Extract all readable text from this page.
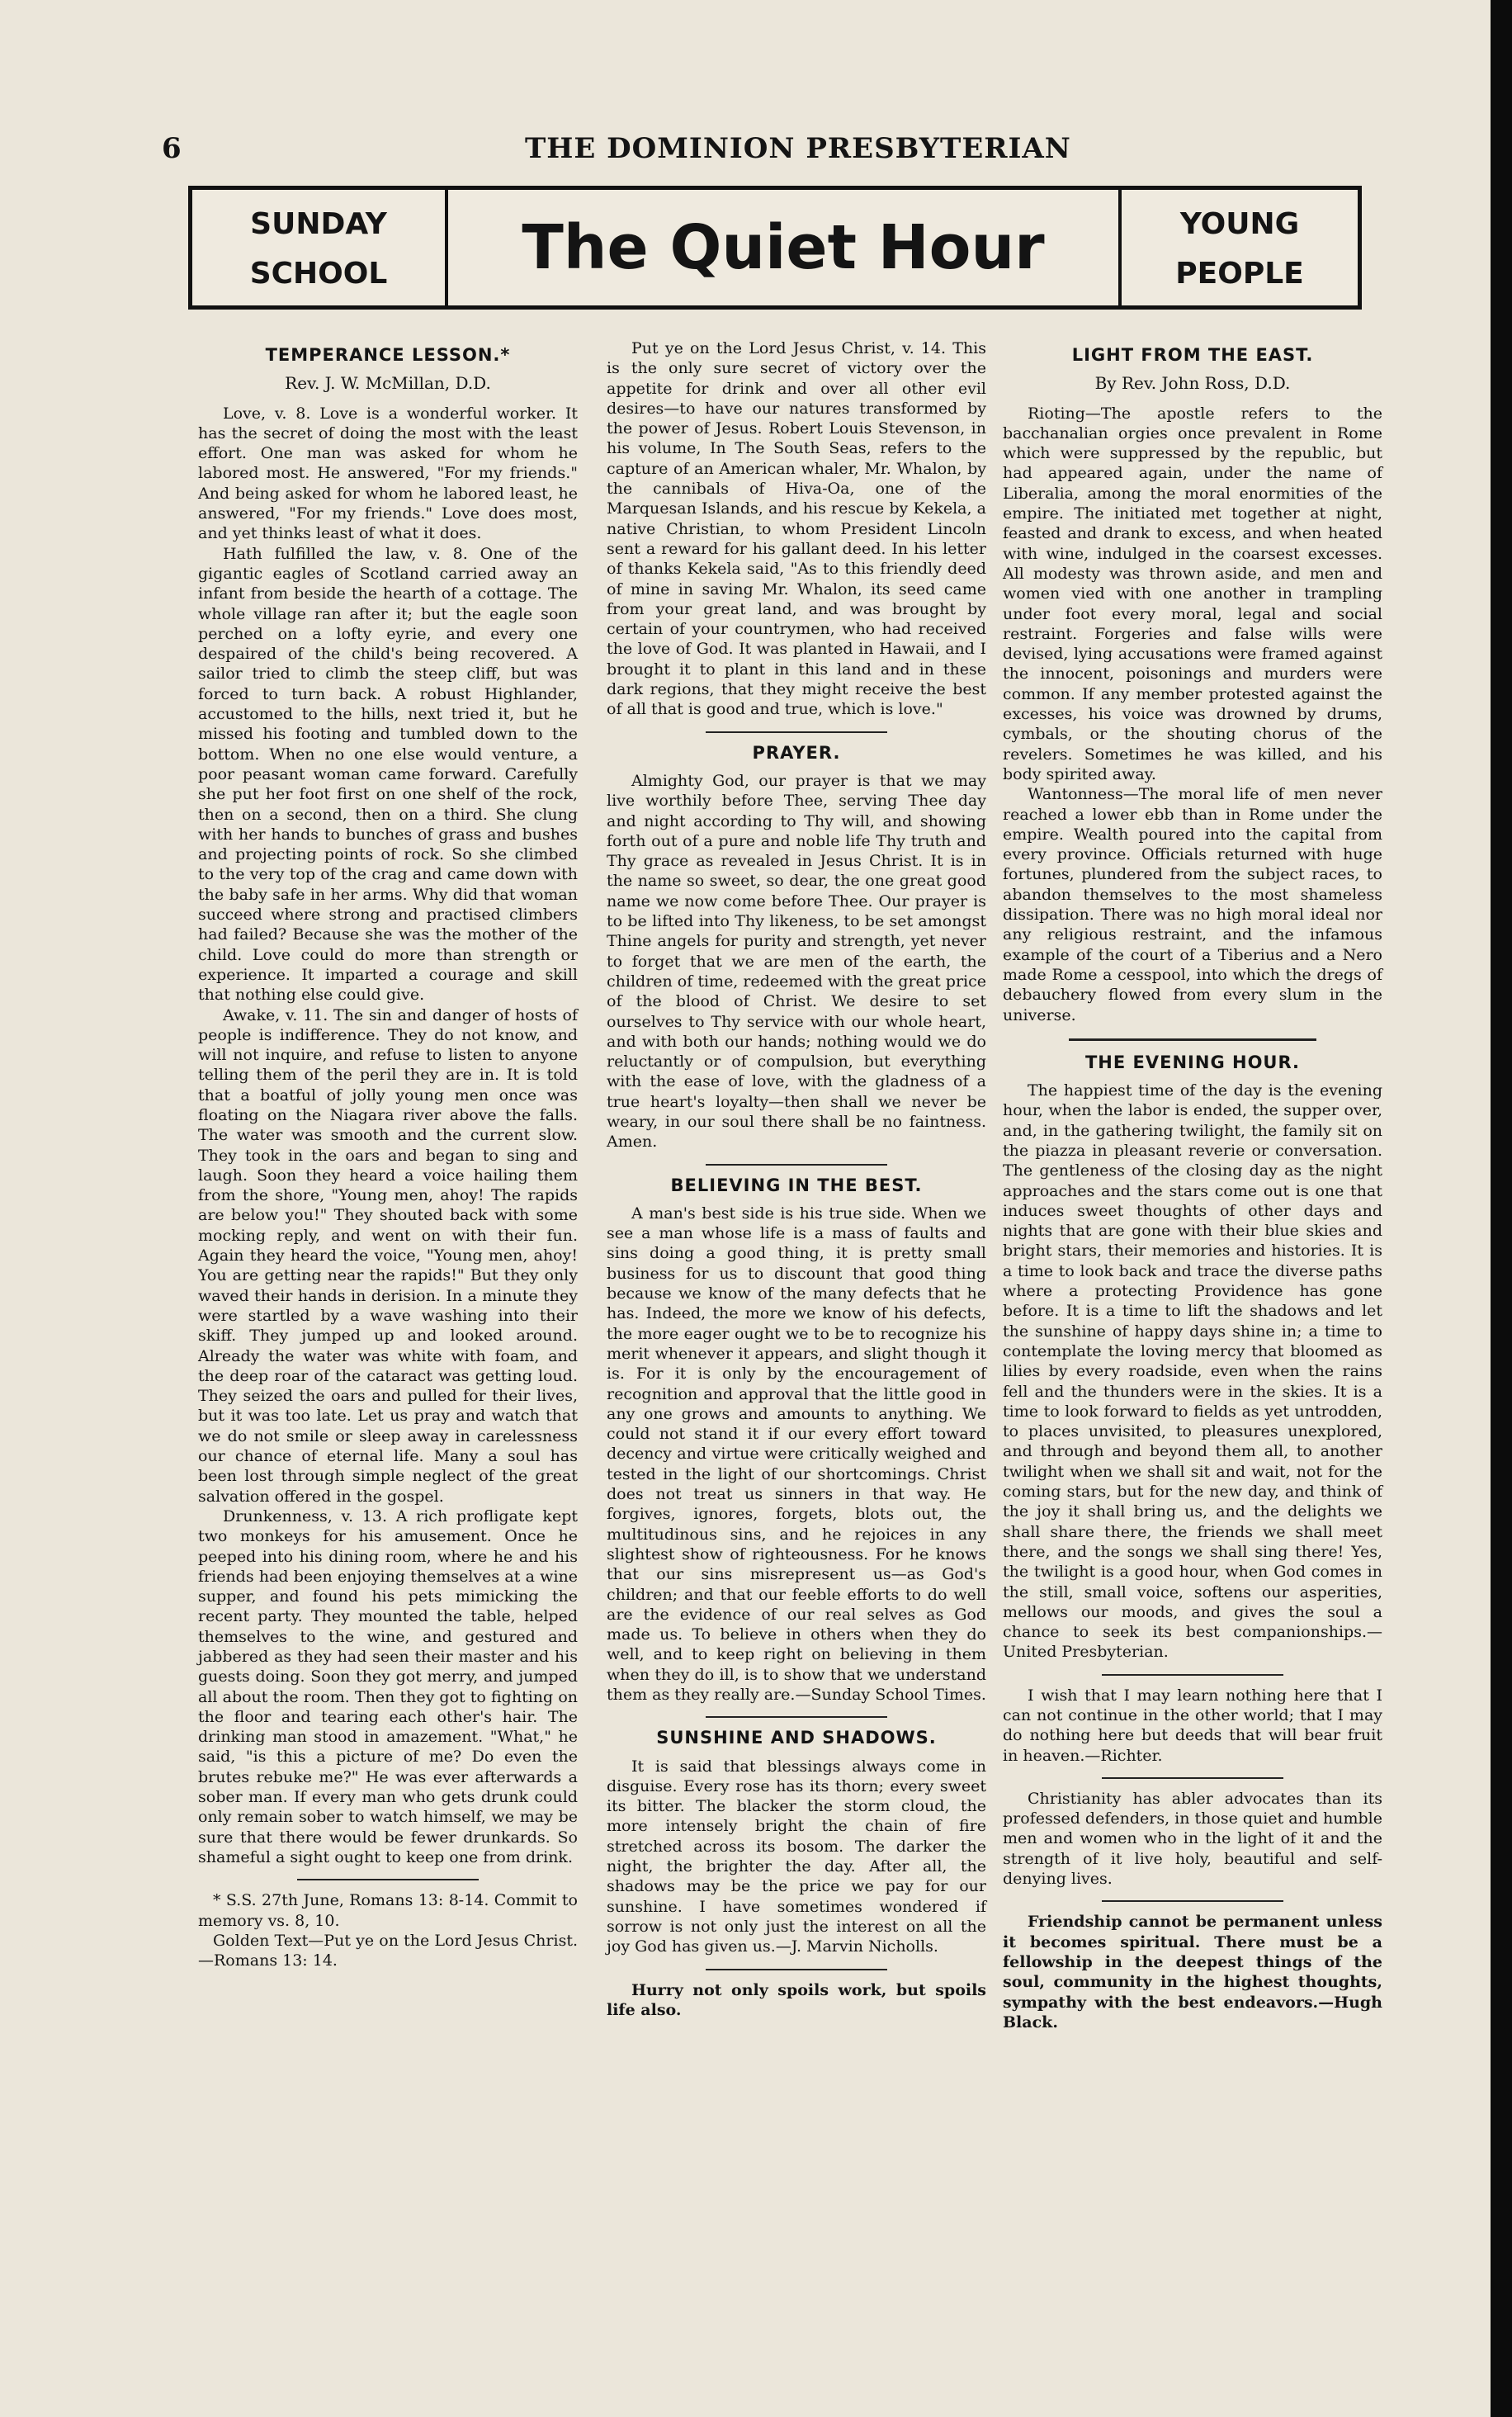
6	THE DOMINION PRESBYTERIAN
SUNDAY
SCHOOL	The Quiet Hour	YOUNG
PEOPLE
TEMPERANCE LESSON.*
Rev. J. W. McMillan, D.D.

Love, v. 8. Love is a wonderful worker. It has the secret of doing the most with the least effort. One man was asked for whom he labored most. He answered, "For my friends." And being asked for whom he labored least, he answered, "For my friends." Love does most, and yet thinks least of what it does.

Hath fulfilled the law, v. 8. One of the gigantic eagles of Scotland carried away an infant from beside the hearth of a cottage. The whole village ran after it; but the eagle soon perched on a lofty eyrie, and every one despaired of the child's being recovered. A sailor tried to climb the steep cliff, but was forced to turn back. A robust Highlander, accustomed to the hills, next tried it, but he missed his footing and tumbled down to the bottom. When no one else would venture, a poor peasant woman came forward. Carefully she put her foot first on one shelf of the rock, then on a second, then on a third. She clung with her hands to bunches of grass and bushes and projecting points of rock. So she climbed to the very top of the crag and came down with the baby safe in her arms. Why did that woman succeed where strong and practised climbers had failed? Because she was the mother of the child. Love could do more than strength or experience. It imparted a courage and skill that nothing else could give.

Awake, v. 11. The sin and danger of hosts of people is indifference. They do not know, and will not inquire, and refuse to listen to anyone telling them of the peril they are in. It is told that a boatful of jolly young men once was floating on the Niagara river above the falls. The water was smooth and the current slow. They took in the oars and began to sing and laugh. Soon they heard a voice hailing them from the shore, "Young men, ahoy! The rapids are below you!" They shouted back with some mocking reply, and went on with their fun. Again they heard the voice, "Young men, ahoy! You are getting near the rapids!" But they only waved their hands in derision. In a minute they were startled by a wave washing into their skiff. They jumped up and looked around. Already the water was white with foam, and the deep roar of the cataract was getting loud. They seized the oars and pulled for their lives, but it was too late. Let us pray and watch that we do not smile or sleep away in carelessness our chance of eternal life. Many a soul has been lost through simple neglect of the great salvation offered in the gospel.

Drunkenness, v. 13. A rich profligate kept two monkeys for his amusement. Once he peeped into his dining room, where he and his friends had been enjoying themselves at a wine supper, and found his pets mimicking the recent party. They mounted the table, helped themselves to the wine, and gestured and jabbered as they had seen their master and his guests doing. Soon they got merry, and jumped all about the room. Then they got to fighting on the floor and tearing each other's hair. The drinking man stood in amazement. "What," he said, "is this a picture of me? Do even the brutes rebuke me?" He was ever afterwards a sober man. If every man who gets drunk could only remain sober to watch himself, we may be sure that there would be fewer drunkards. So shameful a sight ought to keep one from drink.

* S.S. 27th June, Romans 13: 8-14. Commit to memory vs. 8, 10.

Golden Text—Put ye on the Lord Jesus Christ.—Romans 13: 14.

Put ye on the Lord Jesus Christ, v. 14. This is the only sure secret of victory over the appetite for drink and over all other evil desires—to have our natures transformed by the power of Jesus. Robert Louis Stevenson, in his volume, In The South Seas, refers to the capture of an American whaler, Mr. Whalon, by the cannibals of Hiva-Oa, one of the Marquesan Islands, and his rescue by Kekela, a native Christian, to whom President Lincoln sent a reward for his gallant deed. In his letter of thanks Kekela said, "As to this friendly deed of mine in saving Mr. Whalon, its seed came from your great land, and was brought by certain of your countrymen, who had received the love of God. It was planted in Hawaii, and I brought it to plant in this land and in these dark regions, that they might receive the best of all that is good and true, which is love."

PRAYER.

Almighty God, our prayer is that we may live worthily before Thee, serving Thee day and night according to Thy will, and showing forth out of a pure and noble life Thy truth and Thy grace as revealed in Jesus Christ. It is in the name so sweet, so dear, the one great good name we now come before Thee. Our prayer is to be lifted into Thy likeness, to be set amongst Thine angels for purity and strength, yet never to forget that we are men of the earth, the children of time, redeemed with the great price of the blood of Christ. We desire to set ourselves to Thy service with our whole heart, and with both our hands; nothing would we do reluctantly or of compulsion, but everything with the ease of love, with the gladness of a true heart's loyalty—then shall we never be weary, in our soul there shall be no faintness. Amen.

BELIEVING IN THE BEST.

A man's best side is his true side. When we see a man whose life is a mass of faults and sins doing a good thing, it is pretty small business for us to discount that good thing because we know of the many defects that he has. Indeed, the more we know of his defects, the more eager ought we to be to recognize his merit whenever it appears, and slight though it is. For it is only by the encouragement of recognition and approval that the little good in any one grows and amounts to anything. We could not stand it if our every effort toward decency and virtue were critically weighed and tested in the light of our shortcomings. Christ does not treat us sinners in that way. He forgives, ignores, forgets, blots out, the multitudinous sins, and he rejoices in any slightest show of righteousness. For he knows that our sins misrepresent us—as God's children; and that our feeble efforts to do well are the evidence of our real selves as God made us. To believe in others when they do well, and to keep right on believing in them when they do ill, is to show that we understand them as they really are.—Sunday School Times.

SUNSHINE AND SHADOWS.

It is said that blessings always come in disguise. Every rose has its thorn; every sweet its bitter. The blacker the storm cloud, the more intensely bright the chain of fire stretched across its bosom. The darker the night, the brighter the day. After all, the shadows may be the price we pay for our sunshine. I have sometimes wondered if sorrow is not only just the interest on all the joy God has given us.—J. Marvin Nicholls.

Hurry not only spoils work, but spoils life also.

LIGHT FROM THE EAST.
By Rev. John Ross, D.D.

Rioting—The apostle refers to the bacchanalian orgies once prevalent in Rome which were suppressed by the republic, but had appeared again, under the name of Liberalia, among the moral enormities of the empire. The initiated met together at night, feasted and drank to excess, and when heated with wine, indulged in the coarsest excesses. All modesty was thrown aside, and men and women vied with one another in trampling under foot every moral, legal and social restraint. Forgeries and false wills were devised, lying accusations were framed against the innocent, poisonings and murders were common. If any member protested against the excesses, his voice was drowned by drums, cymbals, or the shouting chorus of the revelers. Sometimes he was killed, and his body spirited away.

Wantonness—The moral life of men never reached a lower ebb than in Rome under the empire. Wealth poured into the capital from every province. Officials returned with huge fortunes, plundered from the subject races, to abandon themselves to the most shameless dissipation. There was no high moral ideal nor any religious restraint, and the infamous example of the court of a Tiberius and a Nero made Rome a cesspool, into which the dregs of debauchery flowed from every slum in the universe.

THE EVENING HOUR.

The happiest time of the day is the evening hour, when the labor is ended, the supper over, and, in the gathering twilight, the family sit on the piazza in pleasant reverie or conversation. The gentleness of the closing day as the night approaches and the stars come out is one that induces sweet thoughts of other days and nights that are gone with their blue skies and bright stars, their memories and histories. It is a time to look back and trace the diverse paths where a protecting Providence has gone before. It is a time to lift the shadows and let the sunshine of happy days shine in; a time to contemplate the loving mercy that bloomed as lilies by every roadside, even when the rains fell and the thunders were in the skies. It is a time to look forward to fields as yet untrodden, to places unvisited, to pleasures unexplored, and through and beyond them all, to another twilight when we shall sit and wait, not for the coming stars, but for the new day, and think of the joy it shall bring us, and the delights we shall share there, the friends we shall meet there, and the songs we shall sing there! Yes, the twilight is a good hour, when God comes in the still, small voice, softens our asperities, mellows our moods, and gives the soul a chance to seek its best companionships.—United Presbyterian.

I wish that I may learn nothing here that I can not continue in the other world; that I may do nothing here but deeds that will bear fruit in heaven.—Richter.

Christianity has abler advocates than its professed defenders, in those quiet and humble men and women who in the light of it and the strength of it live holy, beautiful and self-denying lives.

Friendship cannot be permanent unless it becomes spiritual. There must be a fellowship in the deepest things of the soul, community in the highest thoughts, sympathy with the best endeavors.—Hugh Black.
